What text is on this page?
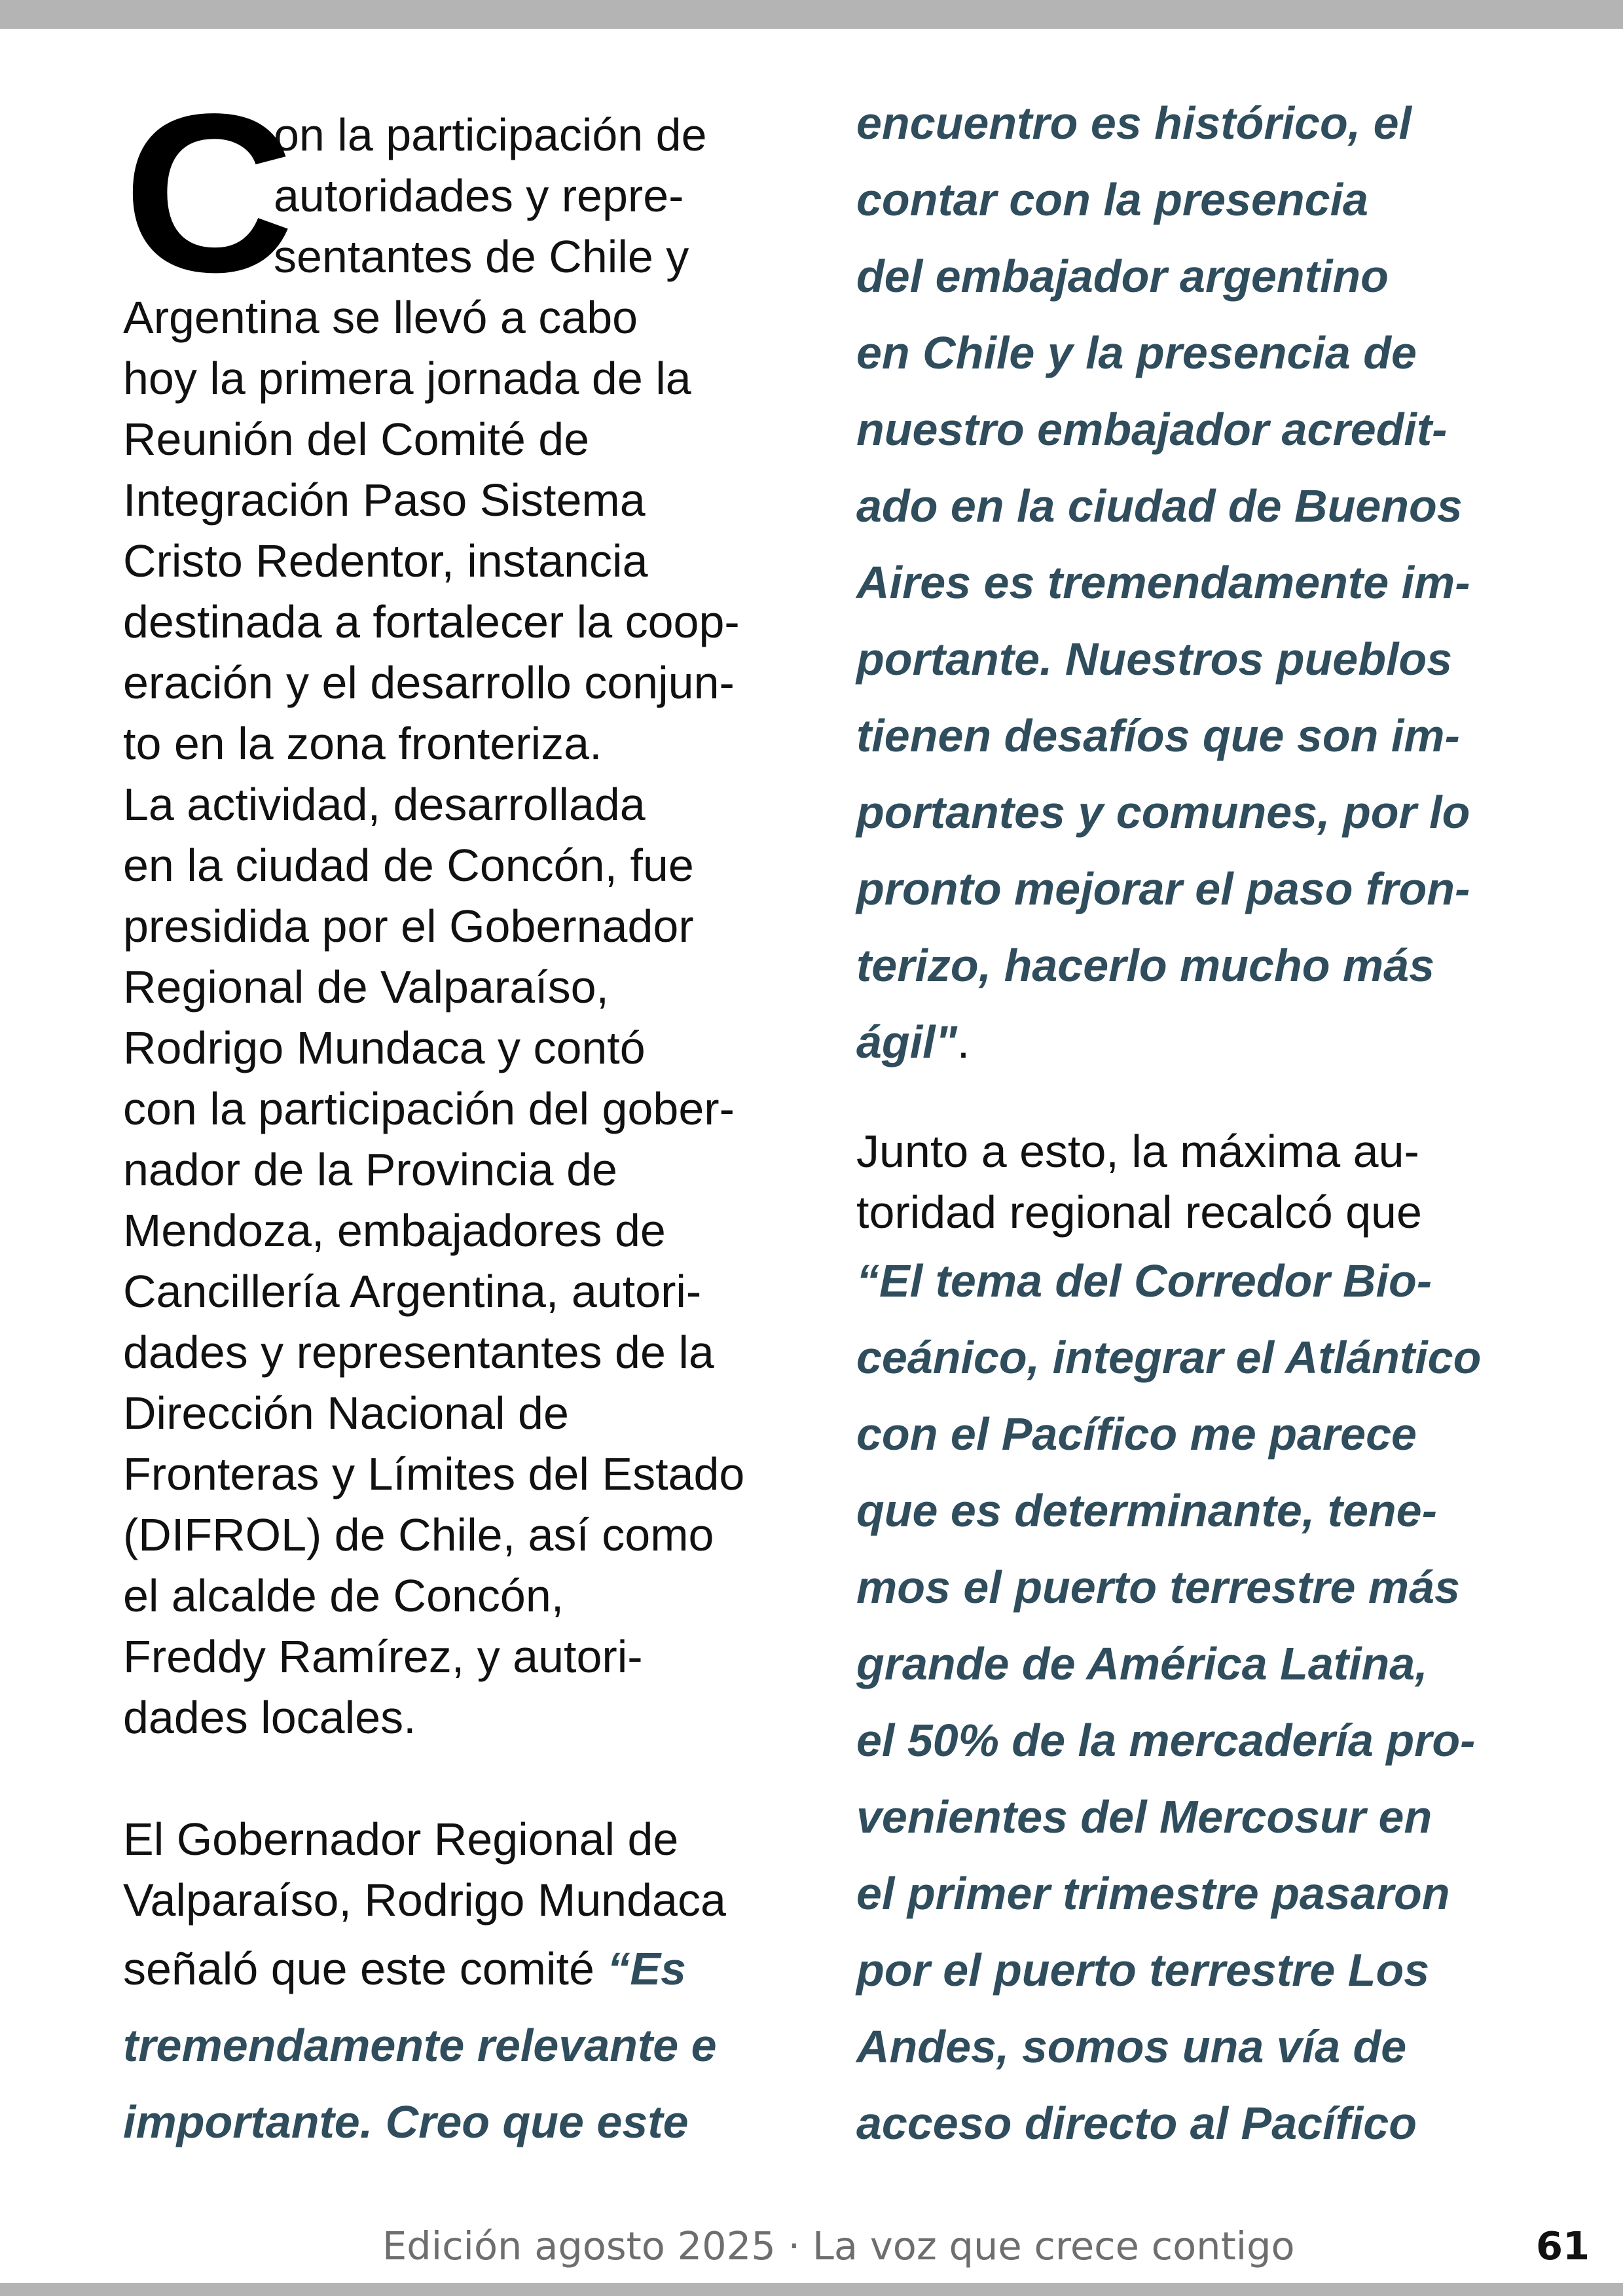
C

on la participación de

autoridades y repre-

sentantes de Chile y

Argentina se llevó a cabo

hoy la primera jornada de la

Reunión del Comité de

Integración Paso Sistema

Cristo Redentor, instancia

destinada a fortalecer la coop-

eración y el desarrollo conjun-

to en la zona fronteriza.

La actividad, desarrollada

en la ciudad de Concón, fue

presidida por el Gobernador

Regional de Valparaíso,

Rodrigo Mundaca y contó

con la participación del gober-

nador de la Provincia de

Mendoza, embajadores de

Cancillería Argentina, autori-

dades y representantes de la

Dirección Nacional de

Fronteras y Límites del Estado

(DIFROL) de Chile, así como

el alcalde de Concón,

Freddy Ramírez, y autori-

dades locales.

El Gobernador Regional de

Valparaíso, Rodrigo Mundaca

señaló que este comité “Es

tremendamente relevante e

importante. Creo que este

encuentro es histórico, el

contar con la presencia

del embajador argentino

en Chile y la presencia de

nuestro embajador acredit-

ado en la ciudad de Buenos

Aires es tremendamente im-

portante. Nuestros pueblos

tienen desafíos que son im-

portantes y comunes, por lo

pronto mejorar el paso fron-

terizo, hacerlo mucho más

ágil".

Junto a esto, la máxima au-

toridad regional recalcó que

“El tema del Corredor Bio-

ceánico, integrar el Atlántico

con el Pacífico me parece

que es determinante, tene-

mos el puerto terrestre más

grande de América Latina,

el 50% de la mercadería pro-

venientes del Mercosur en

el primer trimestre pasaron

por el puerto terrestre Los

Andes, somos una vía de

acceso directo al Pacífico

Edición agosto 2025 · La voz que crece contigo	61
